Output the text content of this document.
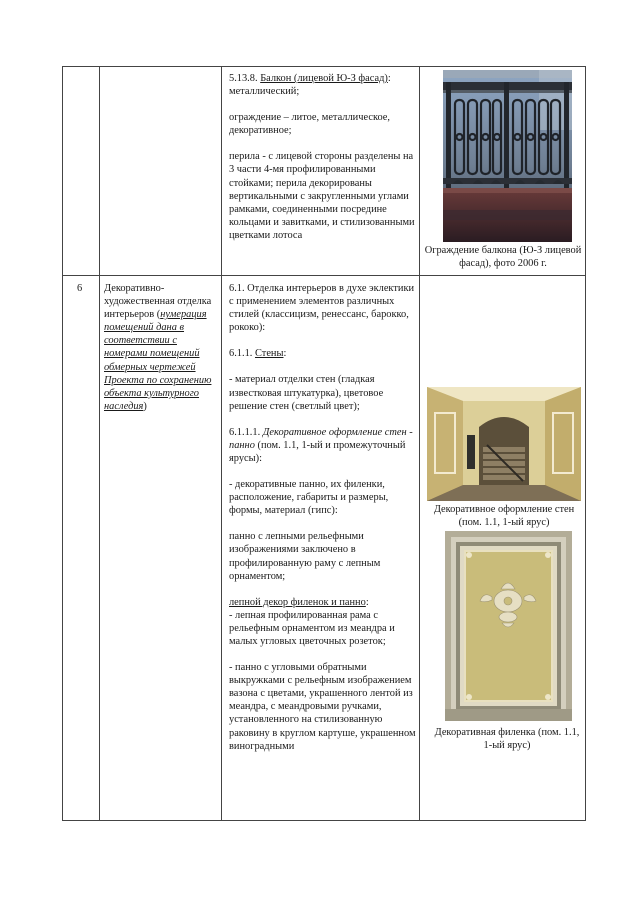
5.13.8. Балкон (лицевой Ю-З фасад): металлический;

ограждение – литое, металлическое, декоративное;

перила - с лицевой стороны разделены на 3 части 4-мя профилированными стойками; перила декорированы вертикальными с закругленными углами рамками, соединенными посредине кольцами и завитками, и стилизованными цветками лотоса

Ограждение балкона (Ю-З лицевой фасад), фото 2006 г.
6 Декоративно-художественная отделка интерьеров (нумерация помещений дана в соответствии с номерами помещений обмерных чертежей Проекта по сохранению объекта культурного наследия)

6.1. Отделка интерьеров в духе эклектики с применением элементов различных стилей (классицизм, ренессанс, барокко, рококо):

6.1.1. Стены:

- материал отделки стен (гладкая известковая штукатурка), цветовое решение стен (светлый цвет);

6.1.1.1. Декоративное оформление стен - панно (пом. 1.1, 1-ый и промежуточный ярусы):

- декоративные панно, их филенки, расположение, габариты и размеры, формы, материал (гипс):

панно с лепными рельефными изображениями заключено в профилированную раму с лепным орнаментом;

лепной декор филенок и панно:
- лепная профилированная рама с рельефным орнаментом из меандра и малых угловых цветочных розеток;

- панно с угловыми обратными выкружками с рельефным изображением вазона с цветами, украшенного лентой из меандра, с меандровыми ручками, установленного на стилизованную раковину в круглом картуше, украшенном виноградными

Декоративное оформление стен (пом. 1.1, 1-ый ярус)
Декоративная филенка (пом. 1.1, 1-ый ярус)
